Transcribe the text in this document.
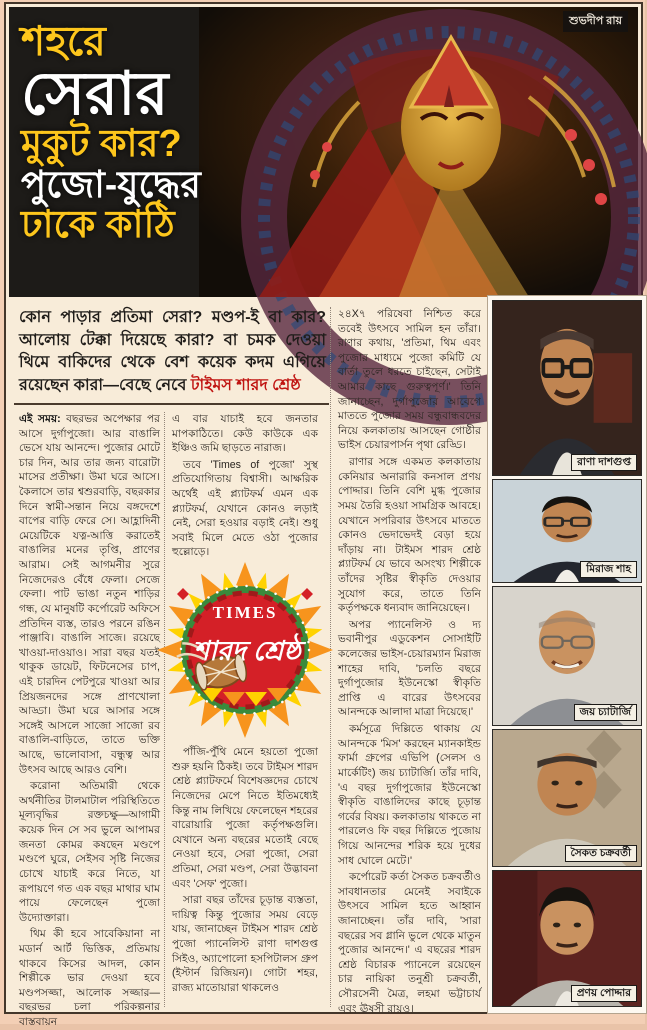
শুভদীপ রায়
শহরে
সেরার
মুকুট কার?
পুজো-যুদ্ধের
ঢাকে কাঠি
কোন পাড়ার প্রতিমা সেরা? মণ্ডপ-ই বা কার? আলোয় টেক্কা দিয়েছে কারা? বা চমক দেওয়া থিমে বাকিদের থেকে বেশ কয়েক কদম এগিয়ে রয়েছেন কারা—বেছে নেবে টাইমস শারদ শ্রেষ্ঠ

এই সময়: বছরভর অপেক্ষার পর আসে দুর্গাপুজো। আর বাঙালি ভেসে যায় আনন্দে। পুজোর মোটে চার দিন, আর তার জন্য বারোটা মাসের প্রতীক্ষা। উমা ঘরে আসে। কৈলাসে তার শ্বশুরবাড়ি, বছরকার দিনে স্বামী-সন্তান নিয়ে বঙ্গদেশে বাপের বাড়ি ফেরে সে। আহ্লাদিনী মেয়েটিকে যত্ন-আত্তি করাতেই বাঙালির মনের তৃপ্তি, প্রাণের আরাম। সেই আগমনীর সুরে নিজেদেরও বেঁধে ফেলা। সেজে ফেলা। পাট ভাঙা নতুন শাড়ির গন্ধ, যে মানুষটি কর্পোরেট অফিসে প্রতিদিন ব্যস্ত, তারও পরনে রঙিন পাঞ্জাবি। বাঙালি সাজে। রয়েছে খাওয়া-দাওয়াও। সারা বছর যতই থাকুক ডায়েট, ফিটনেসের চাপ, এই চারদিন পেটপুরে খাওয়া আর প্রিয়জনদের সঙ্গে প্রাণখোলা আড্ডা। উমা ঘরে আসার সঙ্গে সঙ্গেই আসলে সাজো সাজো রব বাঙালি-বাড়িতে, তাতে ভক্তি আছে, ভালোবাসা, বন্ধুত্ব আর উৎসব আছে আরও বেশি।

করোনা অতিমারী থেকে অর্থনীতির টালমাটাল পরিস্থিতিতে মূল্যবৃদ্ধির রক্তচক্ষু—আগামী কয়েক দিন সে সব ভুলে আপামর জনতা কোমর কষছেন মণ্ডপে মণ্ডপে ঘুরে, সেইসব সৃষ্টি নিজের চোখে যাচাই করে নিতে, যা রূপায়ণে গত এক বছর মাথার ঘাম পায়ে ফেলেছেন পুজো উদ্যোক্তারা।

থিম কী হবে সাবেকিয়ানা না মডার্ন আর্ট ভিত্তিক, প্রতিমায় থাকবে কিসের আদল, কোন শিল্পীকে ভার দেওয়া হবে মণ্ডপসজ্জা, আলোক সজ্জার— বছরভর চলা পরিকল্পনার বাস্তবায়ন

এ বার যাচাই হবে জনতার মাপকাঠিতে। কেউ কাউকে এক ইঞ্চিও জমি ছাড়তে নারাজ।

তবে 'Times of পুজো' সুস্থ প্রতিযোগিতায় বিশ্বাসী। আক্ষরিক অর্থেই এই প্ল্যাটফর্ম এমন এক প্ল্যাটফর্ম, যেখানে কোনও লড়াই নেই, সেরা হওয়ার বড়াই নেই। শুধু সবাই মিলে মেতে ওঠা পুজোর হুল্লোড়ে।

TIMES
শারদ শ্রেষ্ঠ

পাঁজি-পুঁথি মেনে হয়তো পুজো শুরু হয়নি ঠিকই। তবে টাইমস শারদ শ্রেষ্ঠ প্ল্যাটফর্মে বিশেষজ্ঞদের চোখে নিজেদের মেপে নিতে ইতিমধ্যেই কিন্তু নাম লিখিয়ে ফেলেছেন শহরের বারোয়ারি পুজো কর্তৃপক্ষগুলি। যেখানে অন্য বছরের মতোই বেছে নেওয়া হবে, সেরা পুজো, সেরা প্রতিমা, সেরা মণ্ডপ, সেরা উদ্ভাবনা এবং 'সেফ' পুজো।

সারা বছর তাঁদের চূড়ান্ত ব্যস্ততা, দায়িত্ব কিন্তু পুজোর সময় বেড়ে যায়, জানাচ্ছেন টাইমস শারদ শ্রেষ্ঠ পুজো প্যানেলিস্ট রাণা দাশগুপ্ত সিইও, অ্যাপোলো হসপিটালস গ্রুপ (ইস্টার্ন রিজিয়ন)। গোটা শহর, রাজ্য মাতোয়ারা থাকলেও

২৪X৭ পরিষেবা নিশ্চিত করে তবেই উৎসবে সামিল হন তাঁরা। রাণার কথায়, 'প্রতিমা, থিম এবং পুজোর মাধ্যমে পুজো কমিটি যে বার্তা তুলে ধরতে চাইছেন, সেটাই আমার কাছে গুরুত্বপূর্ণ।' তিনি জানাচ্ছেন, দুর্গাপুজোর আবেগে মাততে পুজোর সময় বন্ধুবান্ধবদের নিয়ে কলকাতায় আসছেন গোষ্ঠীর ভাইস চেয়ারপার্সন পৃথা রেড্ডি।

রাণার সঙ্গে একমত কলকাতায় কেনিয়ার অনারারি কনসাল প্রণয় পোদ্দার। তিনি বেশি মুগ্ধ পুজোর সময় তৈরি হওয়া সামগ্রিক আবহে। যেখানে সপরিবার উৎসবে মাততে কোনও ভেদাভেদই বেড়া হয়ে দাঁড়ায় না। টাইমস শারদ শ্রেষ্ঠ প্ল্যাটফর্ম যে ভাবে অসংখ্য শিল্পীকে তাঁদের সৃষ্টির স্বীকৃতি দেওয়ার সুযোগ করে, তাতে তিনি কর্তৃপক্ষকে ধন্যবাদ জানিয়েছেন।

অপর প্যানেলিস্ট ও দ্য ভবানীপুর এডুকেশন সোসাইটি কলেজের ভাইস-চেয়ারম্যান মিরাজ শাহের দাবি, 'চলতি বছরে দুর্গাপুজোর ইউনেস্কো স্বীকৃতি প্রাপ্তি এ বারের উৎসবের আনন্দকে আলাদা মাত্রা দিয়েছে।'

কর্মসূত্রে দিল্লিতে থাকায় যে আনন্দকে 'মিস' করছেন ম্যানকাইন্ড ফার্মা গ্রুপের এভিপি (সেলস ও মার্কেটিং) জয় চ্যাটার্জি। তাঁর দাবি, 'এ বছর দুর্গাপুজোর ইউনেস্কো স্বীকৃতি বাঙালিদের কাছে চূড়ান্ত গর্বের বিষয়। কলকাতায় থাকতে না পারলেও ফি বছর দিল্লিতে পুজোয় গিয়ে আনন্দের শরিক হয়ে দুধের সাধ ঘোলে মেটে।'

কর্পোরেট কর্তা সৈকত চক্রবর্তীও সাবধানতার মেনেই সবাইকে উৎসবে সামিল হতে আহ্বান জানাচ্ছেন। তাঁর দাবি, 'সারা বছরের সব গ্লানি ভুলে থেকে মাতুন পুজোর আনন্দে।' এ বছরের শারদ শ্রেষ্ঠ বিচারক প্যানেলে রয়েছেন চার নায়িকা তনুশ্রী চক্রবর্তী, সৌরসেনী মৈত্র, লহমা ভট্টাচার্য এবং ঊষসী রায়ও।

রাণা দাশগুপ্ত
মিরাজ শাহ
জয় চ্যাটার্জি
সৈকত চক্রবর্তী
প্রণয় পোদ্দার
